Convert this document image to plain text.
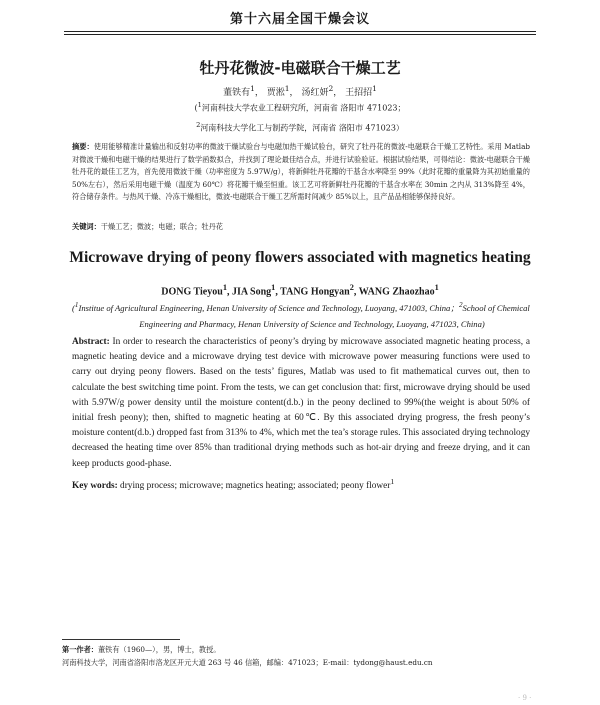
第十六届全国干燥会议
牡丹花微波-电磁联合干燥工艺
董铁有$^1$， 贾淞$^1$， 汤红妍$^2$， 王招招$^1$
($^1$河南科技大学农业工程研究所，河南省 洛阳市 471023；
$^2$河南科技大学化工与制药学院，河南省 洛阳市 471023）
摘要：使用能够精准计量输出和反射功率的微波干燥试验台与电磁加热干燥试验台，研究了牡丹花的微波-电磁联合干燥工艺特性。采用 Matlab 对微波干燥和电磁干燥的结果进行了数学函数拟合，并找到了理论最佳结合点，并进行试验验证。根据试验结果，可得结论：微波-电磁联合干燥牡丹花的最佳工艺为，首先使用微波干燥（功率密度为 5.97W/g），将新鲜牡丹花瓣的干基含水率降至 99%（此时花瓣的重量降为其初始重量的 50%左右），然后采用电磁干燥（温度为 60℃）将花瓣干燥至恒重。该工艺可将新鲜牡丹花瓣的干基含水率在 30min 之内从 313%降至 4%，符合储存条件。与热风干燥、冷冻干燥相比，微波-电磁联合干燥工艺所需时间减少 85%以上，且产品品相能够保持良好。
关键词：干燥工艺；微波；电磁；联合；牡丹花
Microwave drying of peony flowers associated with magnetics heating
DONG Tieyou$^1$, JIA Song$^1$, TANG Hongyan$^2$, WANG Zhaozhao$^1$
($^1$Institue of Agricultural Engineering, Henan University of Science and Technology, Luoyang, 471003, China；$^2$School of Chemical
Engineering and Pharmacy, Henan University of Science and Technology, Luoyang, 471023, China)
Abstract: In order to research the characteristics of peony’s drying by microwave associated magnetic heating process, a magnetic heating device and a microwave drying test device with microwave power measuring functions were used to carry out drying peony flowers. Based on the tests’ figures, Matlab was used to fit mathematical curves out, then to calculate the best switching time point. From the tests, we can get conclusion that: first, microwave drying should be used with 5.97W/g power density until the moisture content(d.b.) in the peony declined to 99%(the weight is about 50% of initial fresh peony); then, shifted to magnetic heating at 60℃. By this associated drying progress, the fresh peony’s moisture content(d.b.) dropped fast from 313% to 4%, which met the tea’s storage rules. This associated drying technology decreased the heating time over 85% than traditional drying methods such as hot-air drying and freeze drying, and it can keep products good-phase.
Key words: drying process; microwave; magnetics heating; associated; peony flower$^1$
第一作者：董铁有（1960—），男，博士，教授。
河南科技大学，河南省洛阳市洛龙区开元大道 263 号 46 信箱，邮编：471023；E-mail：tydong@haust.edu.cn
· 9 ·
